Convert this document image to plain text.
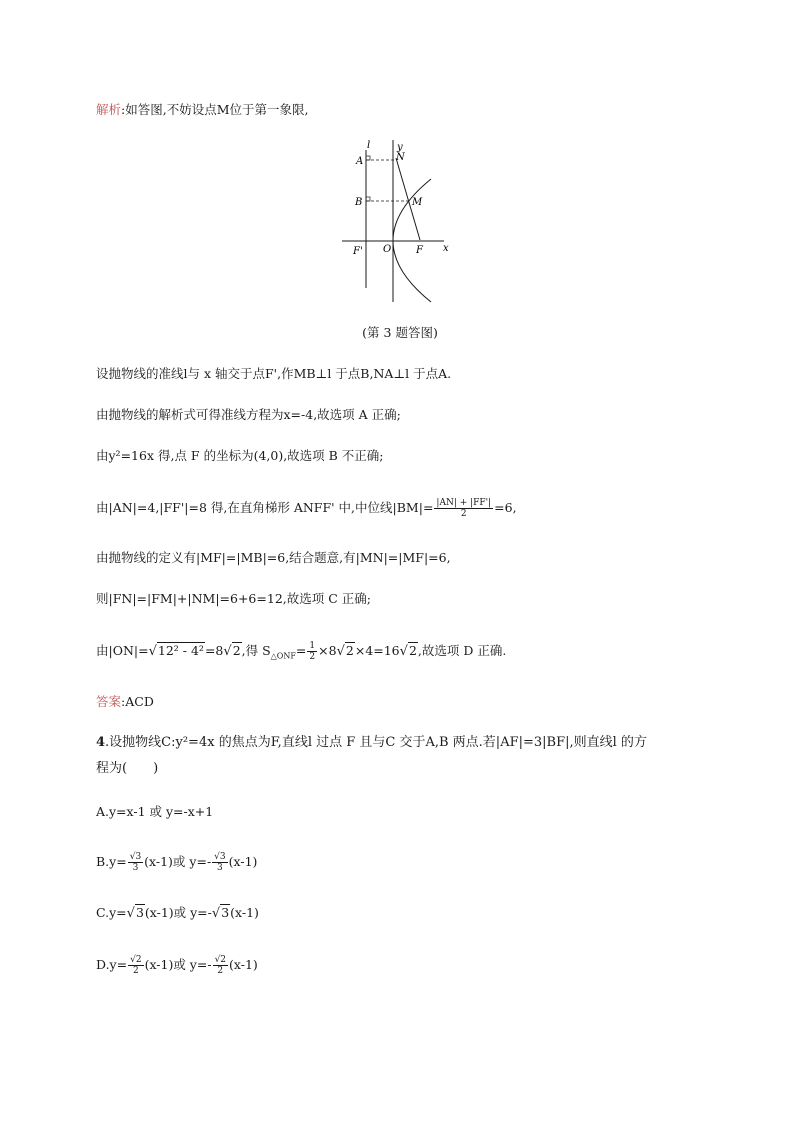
解析:如答图,不妨设点M位于第一象限,
l	y
x
A	N
B	M
F' O F
(第 3 题答图)
设抛物线的准线l与 x 轴交于点F',作MB⊥l 于点B,NA⊥l 于点A.
由抛物线的解析式可得准线方程为x=-4,故选项 A 正确;
由y²=16x 得,点 F 的坐标为(4,0),故选项 B 不正确;
由|AN|=4,|FF'|=8 得,在直角梯形 ANFF' 中,中位线$|BM|= \frac{|AN| + |FF'|}{2} =6$,
由抛物线的定义有|MF|=|MB|=6,结合题意,有|MN|=|MF|=6,
则|FN|=|FM|+|NM|=6+6=12,故选项 C 正确;
由|ON|=√12² - 4²=8√2,得 $S_{\triangle ONF}= \frac{1}{2} \times 8√2\times 4=16√2$,故选项 D 正确.
答案:ACD
4.设抛物线C:y²=4x 的焦点为F,直线l 过点 F 且与C 交于A,B 两点.若|AF|=3|BF|,则直线l 的方
程为(　　)
A.y=x-1 或 y=-x+1
$B.y= \frac{√3}{3} (x-1)$或 $y=- \frac{√3}{3} (x-1)$
C.y=√3(x-1)或 y=-√3(x-1)
$D.y= \frac{√2}{2} (x-1)$或 $y=- \frac{√2}{2} (x-1)$
